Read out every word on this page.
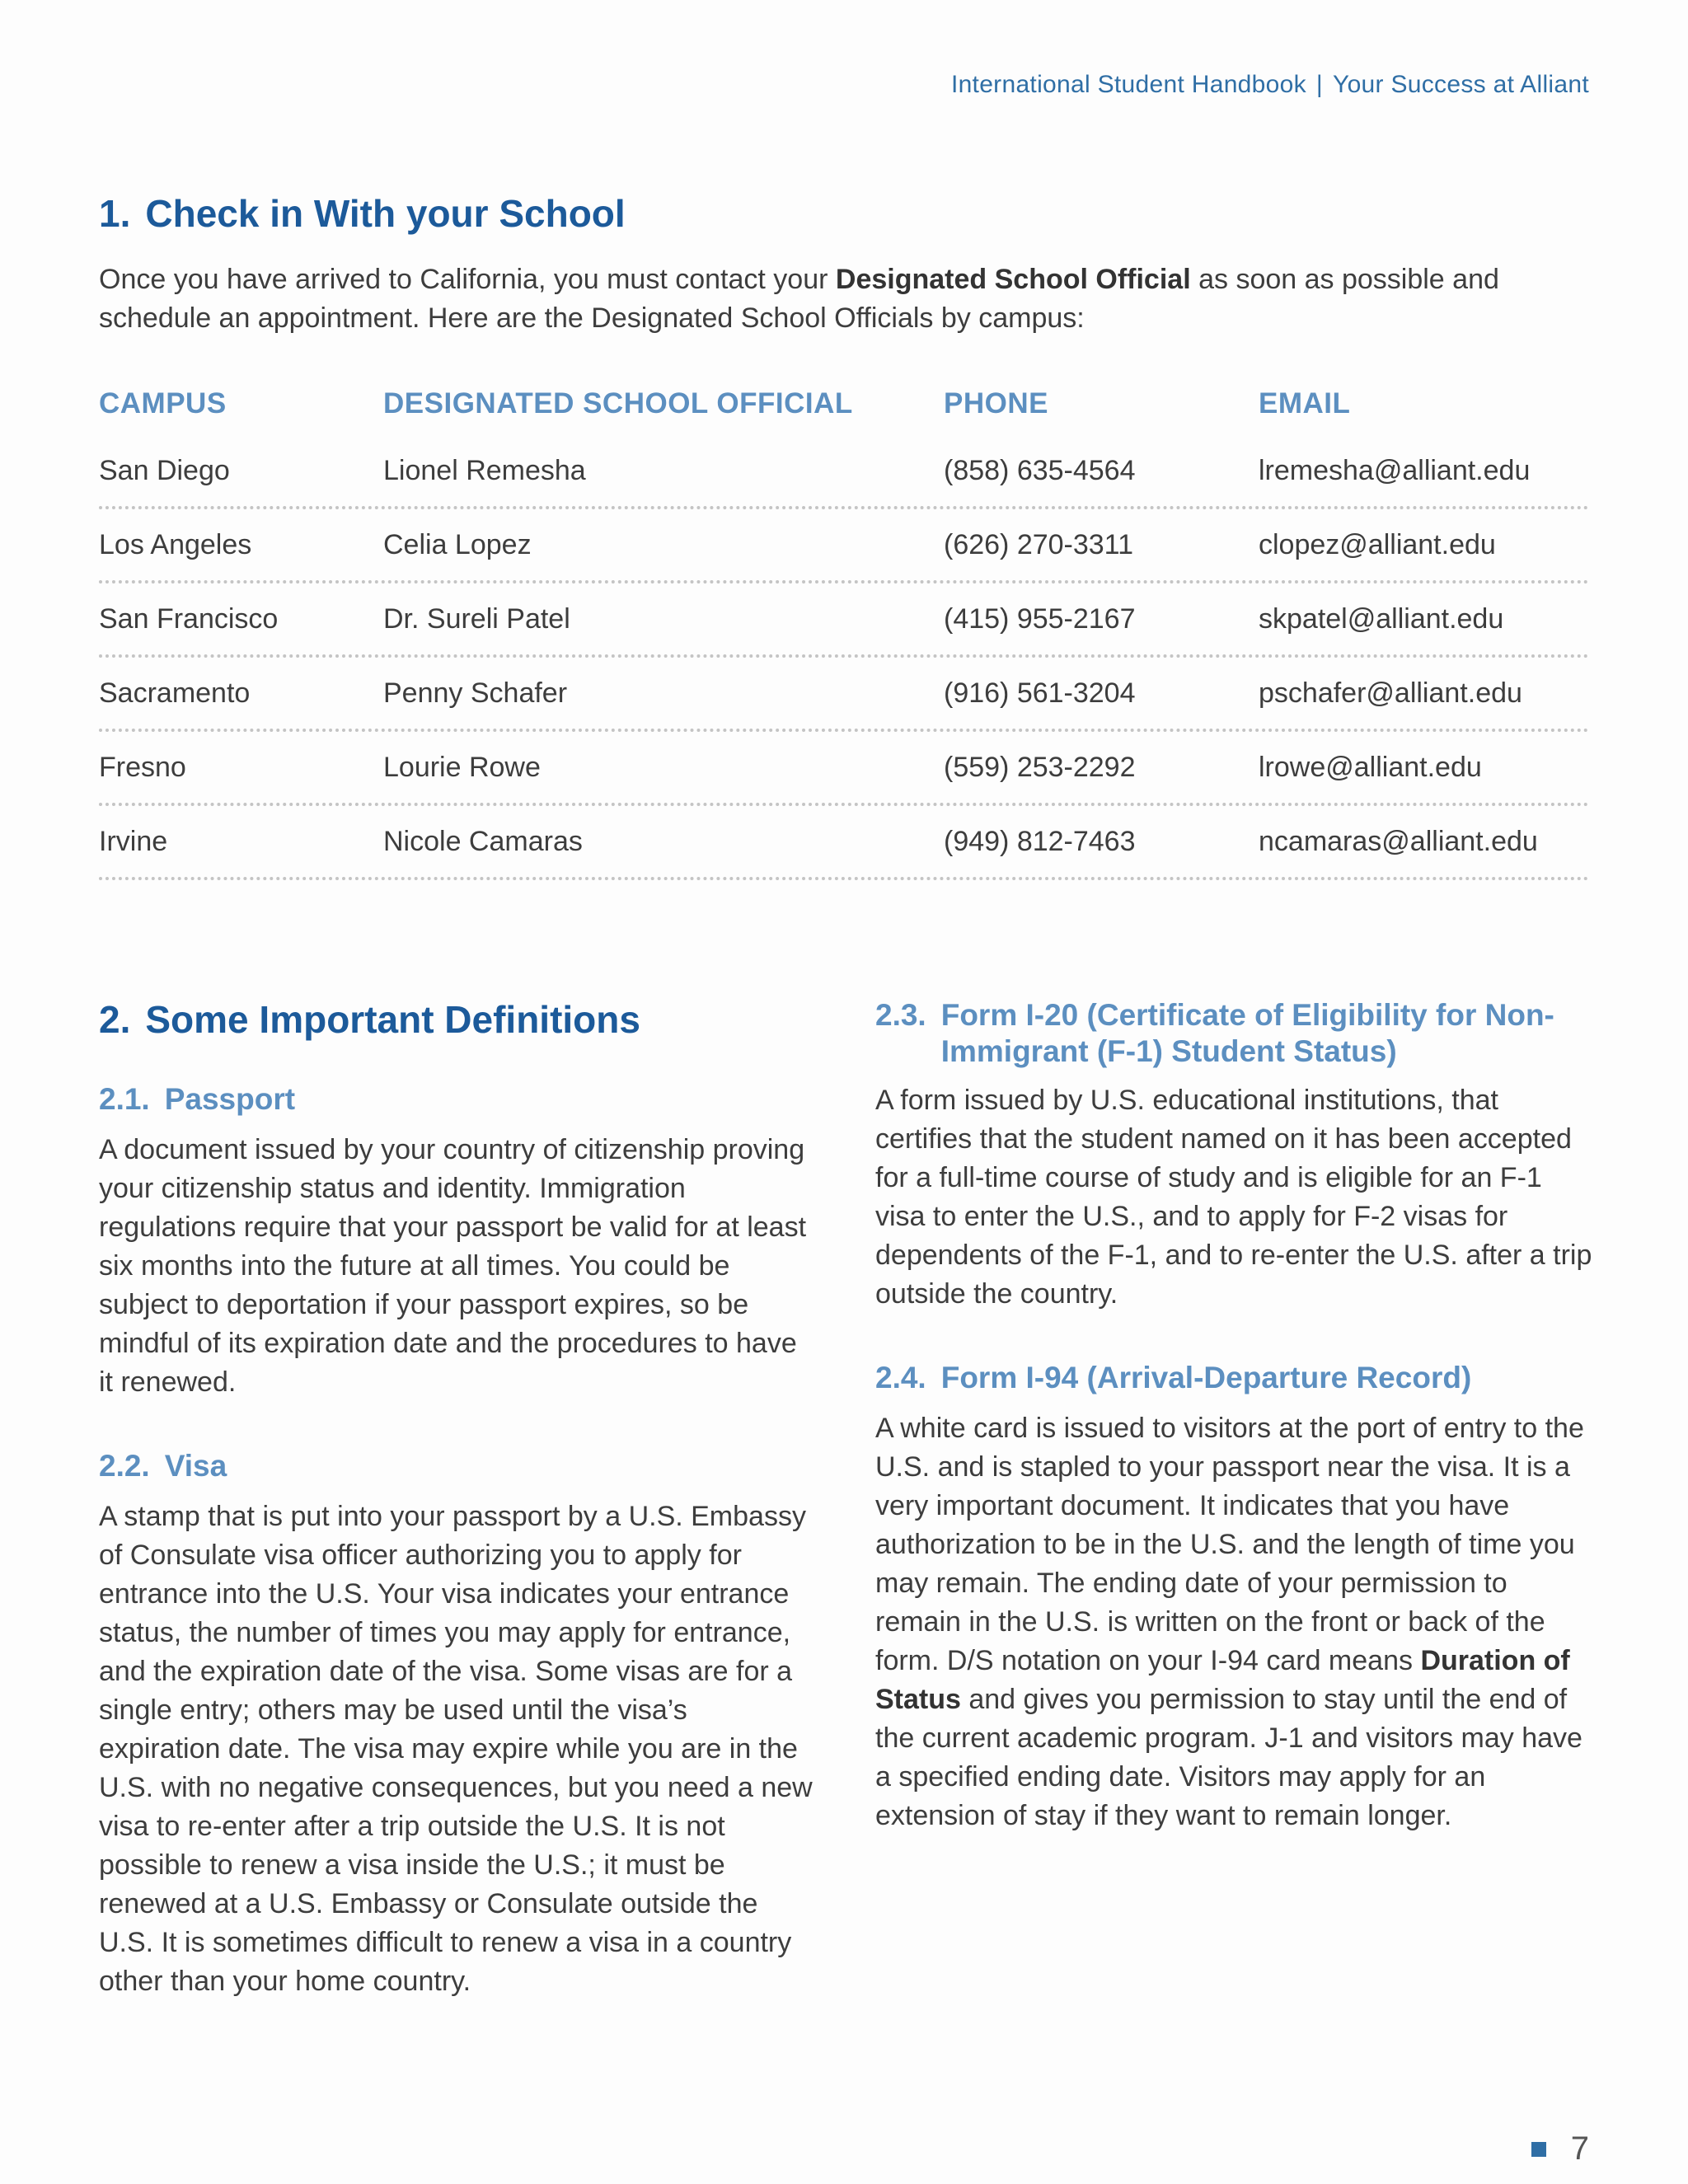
International Student Handbook | Your Success at Alliant
1. Check in With your School

Once you have arrived to California, you must contact your Designated School Official as soon as possible and schedule an appointment. Here are the Designated School Officials by campus:

CAMPUS	DESIGNATED SCHOOL OFFICIAL	PHONE	EMAIL
San Diego	Lionel Remesha	(858) 635-4564	lremesha@alliant.edu
Los Angeles	Celia Lopez	(626) 270-3311	clopez@alliant.edu
San Francisco	Dr. Sureli Patel	(415) 955-2167	skpatel@alliant.edu
Sacramento	Penny Schafer	(916) 561-3204	pschafer@alliant.edu
Fresno	Lourie Rowe	(559) 253-2292	lrowe@alliant.edu
Irvine	Nicole Camaras	(949) 812-7463	ncamaras@alliant.edu
2. Some Important Definitions
2.1. Passport

A document issued by your country of citizenship proving your citizenship status and identity. Immigration regulations require that your passport be valid for at least six months into the future at all times. You could be subject to deportation if your passport expires, so be mindful of its expiration date and the procedures to have it renewed.

2.2. Visa

A stamp that is put into your passport by a U.S. Embassy of Consulate visa officer authorizing you to apply for entrance into the U.S. Your visa indicates your entrance status, the number of times you may apply for entrance, and the expiration date of the visa. Some visas are for a single entry; others may be used until the visa’s expiration date. The visa may expire while you are in the U.S. with no negative consequences, but you need a new visa to re-enter after a trip outside the U.S. It is not possible to renew a visa inside the U.S.; it must be renewed at a U.S. Embassy or Consulate outside the U.S. It is sometimes difficult to renew a visa in a country other than your home country.

2.3. Form I-20 (Certificate of Eligibility for Non-Immigrant (F-1) Student Status)

A form issued by U.S. educational institutions, that certifies that the student named on it has been accepted for a full-time course of study and is eligible for an F-1 visa to enter the U.S., and to apply for F-2 visas for dependents of the F-1, and to re-enter the U.S. after a trip outside the country.

2.4. Form I-94 (Arrival-Departure Record)

A white card is issued to visitors at the port of entry to the U.S. and is stapled to your passport near the visa. It is a very important document. It indicates that you have authorization to be in the U.S. and the length of time you may remain. The ending date of your permission to remain in the U.S. is written on the front or back of the form. D/S notation on your I-94 card means Duration of Status and gives you permission to stay until the end of the current academic program. J-1 and visitors may have a specified ending date. Visitors may apply for an extension of stay if they want to remain longer.

7
